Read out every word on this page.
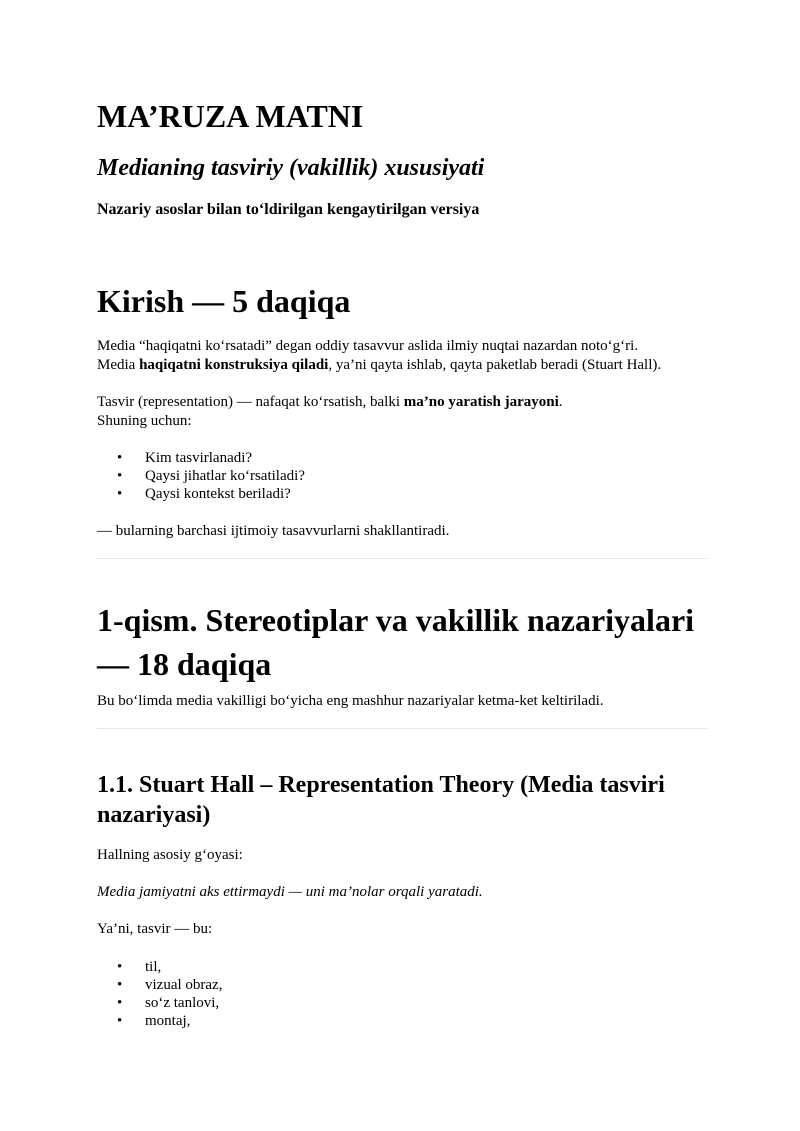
MA’RUZA MATNI
Medianing tasviriy (vakillik) xususiyati

Nazariy asoslar bilan to‘ldirilgan kengaytirilgan versiya

Kirish — 5 daqiqa

Media “haqiqatni ko‘rsatadi” degan oddiy tasavvur aslida ilmiy nuqtai nazardan noto‘g‘ri.
Media haqiqatni konstruksiya qiladi, ya’ni qayta ishlab, qayta paketlab beradi (Stuart Hall).

Tasvir (representation) — nafaqat ko‘rsatish, balki ma’no yaratish jarayoni.
Shuning uchun:

• Kim tasvirlanadi?
• Qaysi jihatlar ko‘rsatiladi?
• Qaysi kontekst beriladi?

— bularning barchasi ijtimoiy tasavvurlarni shakllantiradi.

1-qism. Stereotiplar va vakillik nazariyalari
— 18 daqiqa

Bu bo‘limda media vakilligi bo‘yicha eng mashhur nazariyalar ketma-ket keltiriladi.

1.1. Stuart Hall – Representation Theory (Media tasviri
nazariyasi)

Hallning asosiy g‘oyasi:

Media jamiyatni aks ettirmaydi — uni ma’nolar orqali yaratadi.

Ya’ni, tasvir — bu:

• til,
• vizual obraz,
• so‘z tanlovi,
• montaj,
